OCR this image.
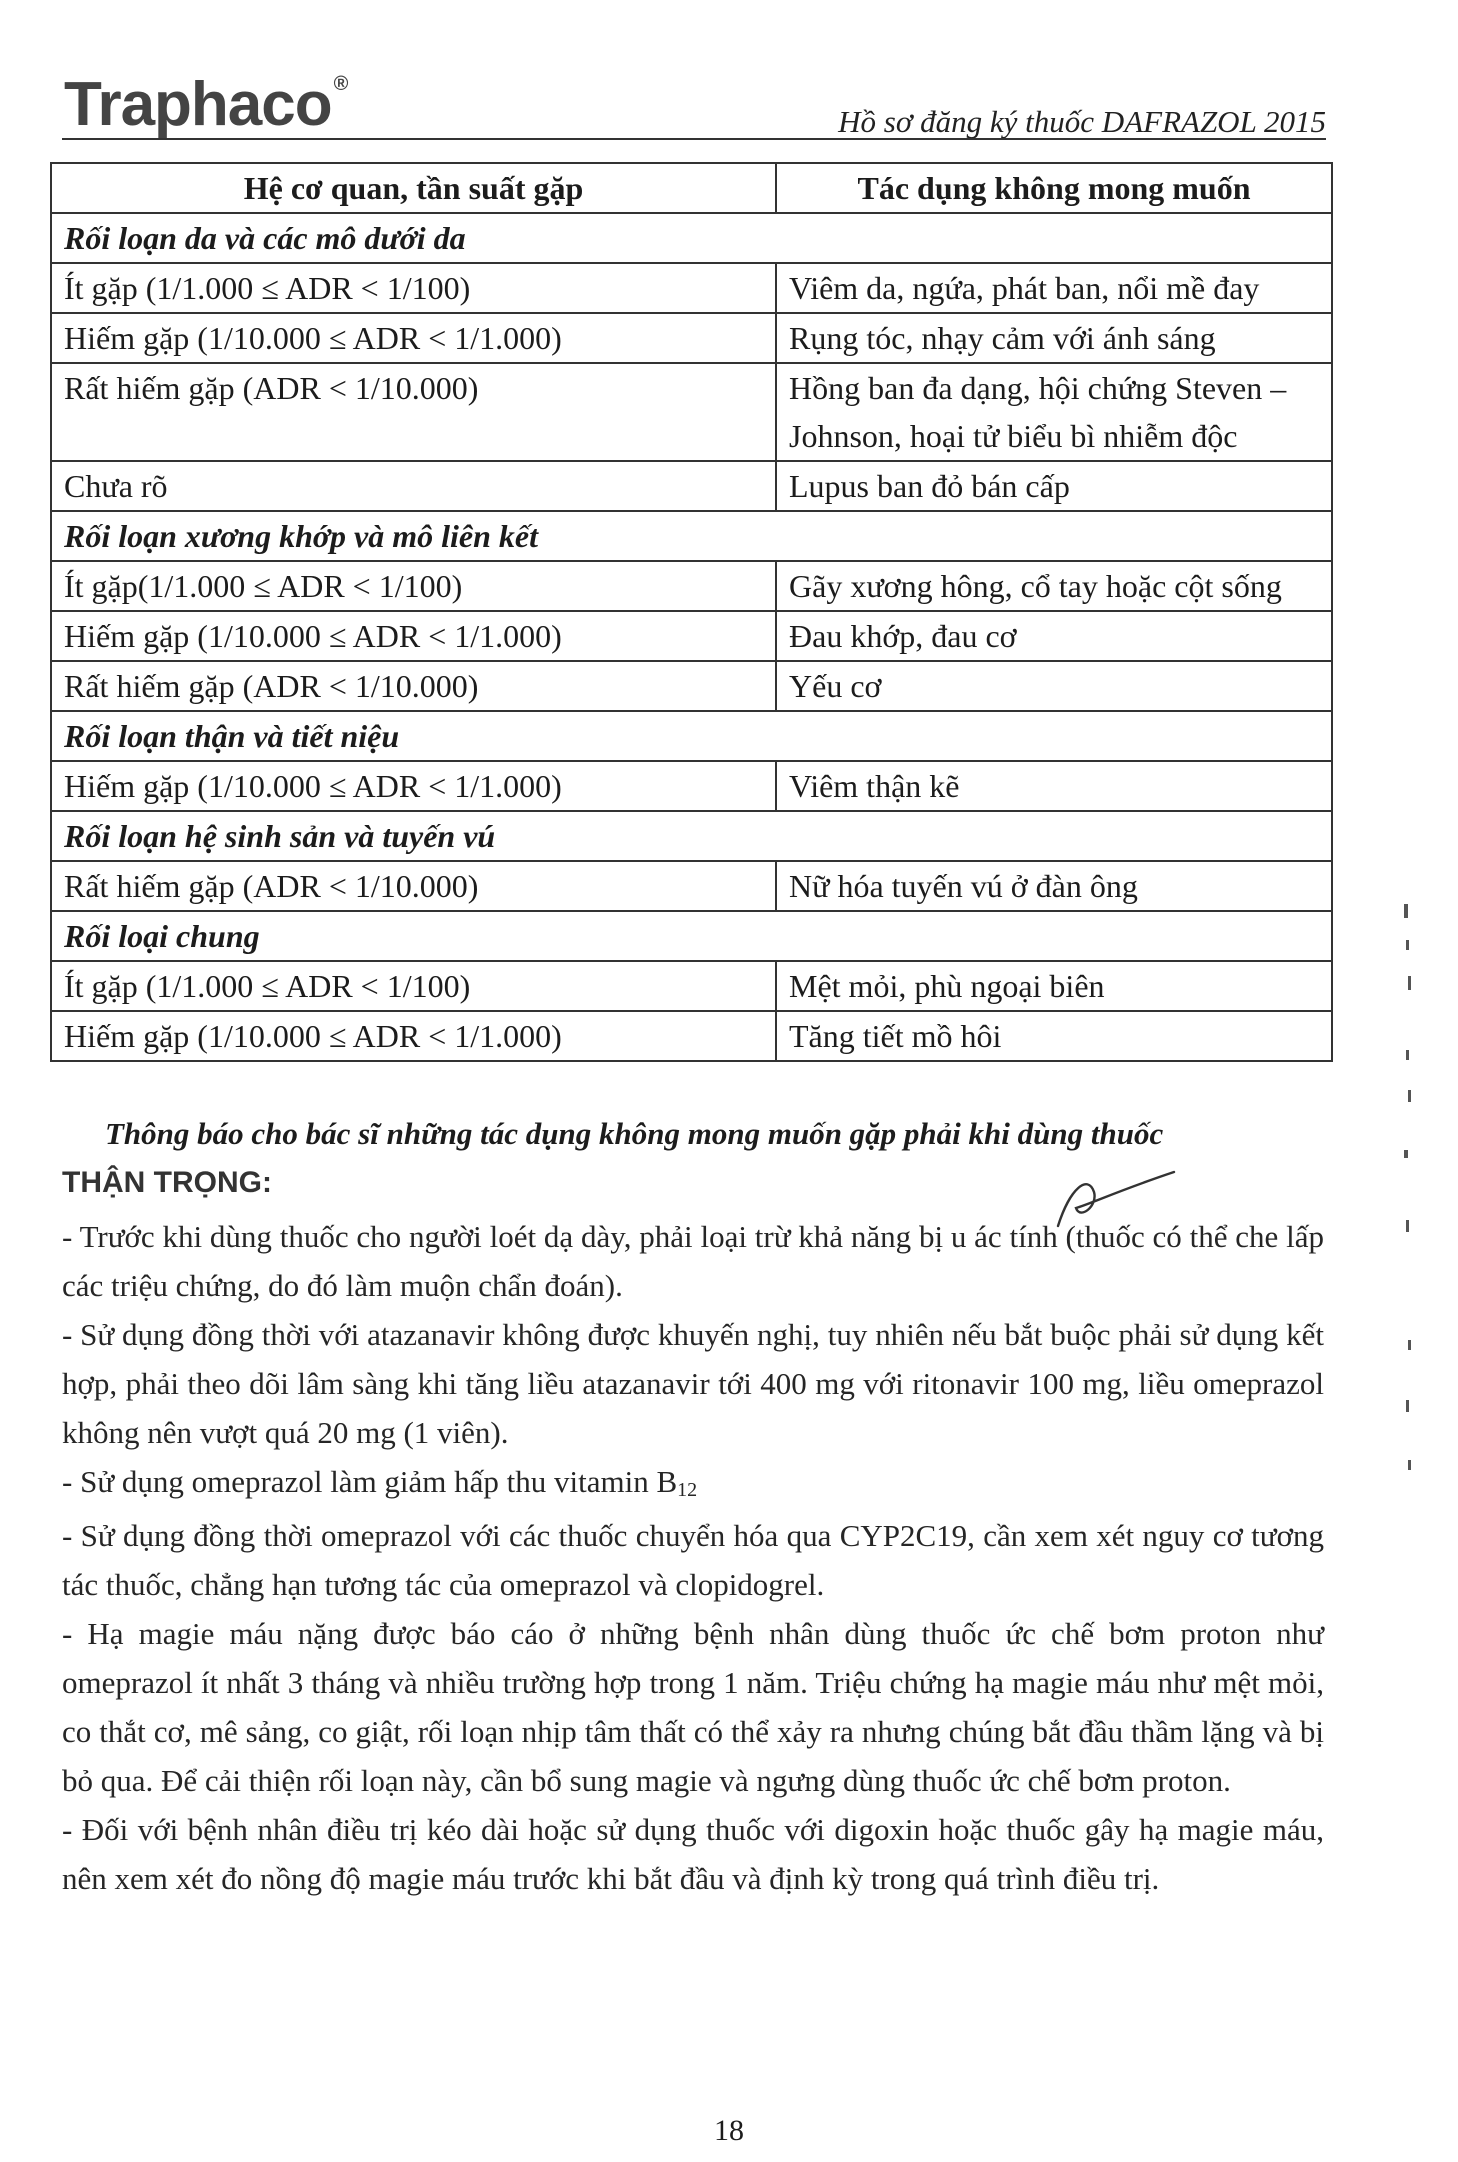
Traphaco ®
Hồ sơ đăng ký thuốc DAFRAZOL 2015
Hệ cơ quan, tần suất gặp	Tác dụng không mong muốn
Rối loạn da và các mô dưới da	
Ít gặp (1/1.000 ≤ ADR < 1/100)	Viêm da, ngứa, phát ban, nổi mề đay
Hiếm gặp (1/10.000 ≤ ADR < 1/1.000)	Rụng tóc, nhạy cảm với ánh sáng
Rất hiếm gặp (ADR < 1/10.000)	Hồng ban đa dạng, hội chứng Steven – Johnson, hoại tử biểu bì nhiễm độc
Chưa rõ	Lupus ban đỏ bán cấp
Rối loạn xương khớp và mô liên kết	
Ít gặp(1/1.000 ≤ ADR < 1/100)	Gãy xương hông, cổ tay hoặc cột sống
Hiếm gặp (1/10.000 ≤ ADR < 1/1.000)	Đau khớp, đau cơ
Rất hiếm gặp (ADR < 1/10.000)	Yếu cơ
Rối loạn thận và tiết niệu	
Hiếm gặp (1/10.000 ≤ ADR < 1/1.000)	Viêm thận kẽ
Rối loạn hệ sinh sản và tuyến vú	
Rất hiếm gặp (ADR < 1/10.000)	Nữ hóa tuyến vú ở đàn ông
Rối loại chung	
Ít gặp (1/1.000 ≤ ADR < 1/100)	Mệt mỏi, phù ngoại biên
Hiếm gặp (1/10.000 ≤ ADR < 1/1.000)	Tăng tiết mồ hôi
Thông báo cho bác sĩ những tác dụng không mong muốn gặp phải khi dùng thuốc
THẬN TRỌNG:

- Trước khi dùng thuốc cho người loét dạ dày, phải loại trừ khả năng bị u ác tính (thuốc có thể che lấp các triệu chứng, do đó làm muộn chẩn đoán).

- Sử dụng đồng thời với atazanavir không được khuyến nghị, tuy nhiên nếu bắt buộc phải sử dụng kết hợp, phải theo dõi lâm sàng khi tăng liều atazanavir tới 400 mg với ritonavir 100 mg, liều omeprazol không nên vượt quá 20 mg (1 viên).

- Sử dụng omeprazol làm giảm hấp thu vitamin $B_{12}$

- Sử dụng đồng thời omeprazol với các thuốc chuyển hóa qua CYP2C19, cần xem xét nguy cơ tương tác thuốc, chẳng hạn tương tác của omeprazol và clopidogrel.

- Hạ magie máu nặng được báo cáo ở những bệnh nhân dùng thuốc ức chế bơm proton như omeprazol ít nhất 3 tháng và nhiều trường hợp trong 1 năm. Triệu chứng hạ magie máu như mệt mỏi, co thắt cơ, mê sảng, co giật, rối loạn nhịp tâm thất có thể xảy ra nhưng chúng bắt đầu thầm lặng và bị bỏ qua. Để cải thiện rối loạn này, cần bổ sung magie và ngưng dùng thuốc ức chế bơm proton.

- Đối với bệnh nhân điều trị kéo dài hoặc sử dụng thuốc với digoxin hoặc thuốc gây hạ magie máu, nên xem xét đo nồng độ magie máu trước khi bắt đầu và định kỳ trong quá trình điều trị.

18
